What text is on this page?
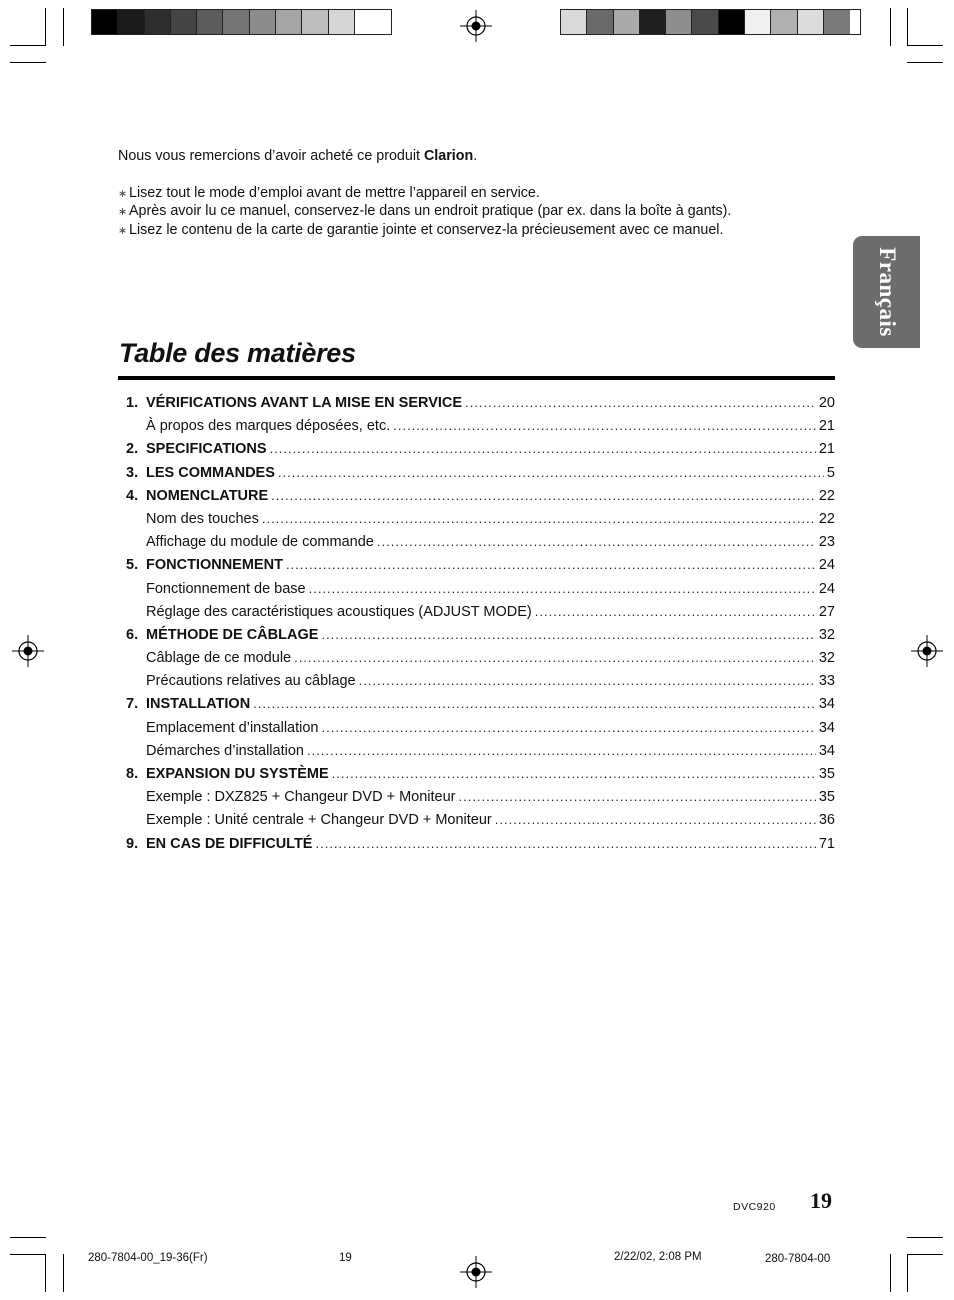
Nous vous remercions d’avoir acheté ce produit Clarion.

∗ Lisez tout le mode d’emploi avant de mettre l’appareil en service.
∗ Après avoir lu ce manuel, conservez-le dans un endroit pratique (par ex. dans la boîte à gants).
∗ Lisez le contenu de la carte de garantie jointe et conservez-la précieusement avec ce manuel.
Français
Table des matières
1. VÉRIFICATIONS AVANT LA MISE EN SERVICE .....	20
À propos des marques déposées, etc. .....	21
2. SPECIFICATIONS .....	21
3. LES COMMANDES .....	5
4. NOMENCLATURE .....	22
Nom des touches .....	22
Affichage du module de commande .....	23
5. FONCTIONNEMENT .....	24
Fonctionnement de base .....	24
Réglage des caractéristiques acoustiques (ADJUST MODE) .....	27
6. MÉTHODE DE CÂBLAGE .....	32
Câblage de ce module .....	32
Précautions relatives au câblage .....	33
7. INSTALLATION .....	34
Emplacement d’installation .....	34
Démarches d’installation .....	34
8. EXPANSION DU SYSTÈME .....	35
Exemple : DXZ825 + Changeur DVD + Moniteur .....	35
Exemple : Unité centrale + Changeur DVD + Moniteur .....	36
9. EN CAS DE DIFFICULTÉ .....	71
DVC920 19
280-7804-00_19-36(Fr)	19	2/22/02, 2:08 PM	280-7804-00
